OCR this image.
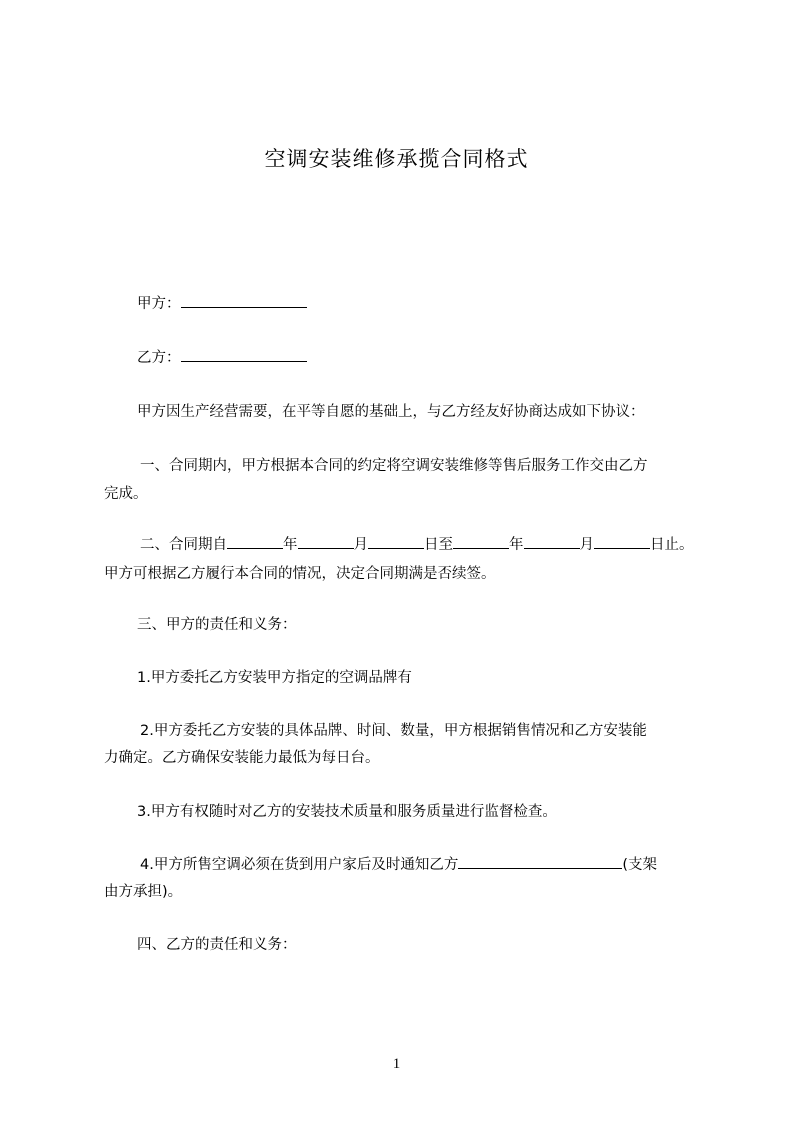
空调安装维修承揽合同格式
甲方：
乙方：
甲方因生产经营需要，在平等自愿的基础上，与乙方经友好协商达成如下协议：
一、合同期内，甲方根据本合同的约定将空调安装维修等售后服务工作交由乙方
完成。
二、合同期自	年	月	日至	年	月	日止。
甲方可根据乙方履行本合同的情况，决定合同期满是否续签。
三、甲方的责任和义务：
1.甲方委托乙方安装甲方指定的空调品牌有
2.甲方委托乙方安装的具体品牌、时间、数量，甲方根据销售情况和乙方安装能
力确定。乙方确保安装能力最低为每日台。
3.甲方有权随时对乙方的安装技术质量和服务质量进行监督检查。
4.甲方所售空调必须在货到用户家后及时通知乙方	(支架
由方承担)。
四、乙方的责任和义务：
1
